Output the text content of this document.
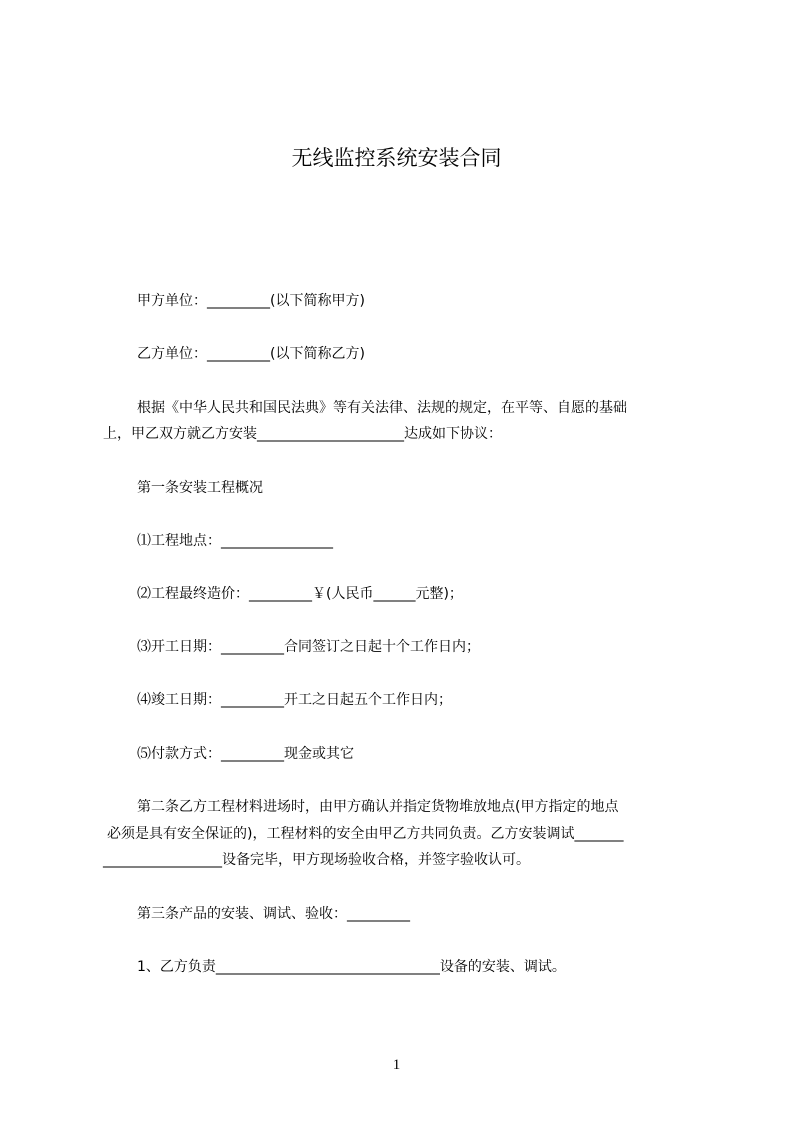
无线监控系统安装合同
甲方单位：_________(以下简称甲方)
乙方单位：_________(以下简称乙方)
根据《中华人民共和国民法典》等有关法律、法规的规定，在平等、自愿的基础
上，甲乙双方就乙方安装_____________________达成如下协议：
第一条安装工程概况
⑴工程地点：________________
⑵工程最终造价：_________￥(人民币______元整)；
⑶开工日期：_________合同签订之日起十个工作日内；
⑷竣工日期：_________开工之日起五个工作日内；
⑸付款方式：_________现金或其它
第二条乙方工程材料进场时，由甲方确认并指定货物堆放地点(甲方指定的地点
必须是具有安全保证的)，工程材料的安全由甲乙方共同负责。乙方安装调试_______
_________________设备完毕，甲方现场验收合格，并签字验收认可。
第三条产品的安装、调试、验收：_________
1、乙方负责________________________________设备的安装、调试。
1
